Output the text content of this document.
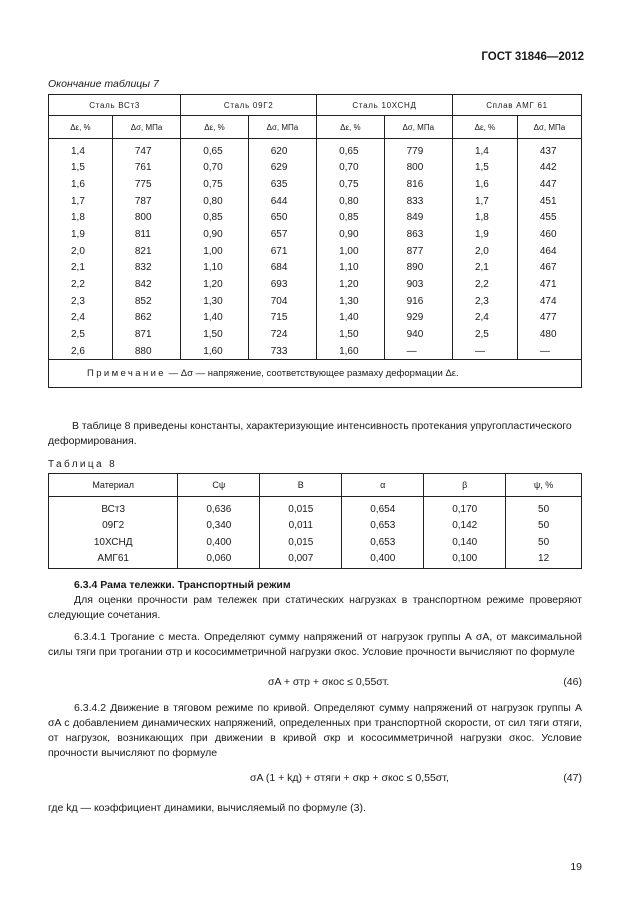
ГОСТ 31846—2012
Окончание таблицы 7
Сталь ВСт3		Сталь 09Г2		Сталь 10ХСНД		Сплав АМГ 61	
Δε, %	Δσ, МПа	Δε, %	Δσ, МПа	Δε, %	Δσ, МПа	Δε, %	Δσ, МПа
1,4	747	0,65	620	0,65	779	1,4	437
1,5	761	0,70	629	0,70	800	1,5	442
1,6	775	0,75	635	0,75	816	1,6	447
1,7	787	0,80	644	0,80	833	1,7	451
1,8	800	0,85	650	0,85	849	1,8	455
1,9	811	0,90	657	0,90	863	1,9	460
2,0	821	1,00	671	1,00	877	2,0	464
2,1	832	1,10	684	1,10	890	2,1	467
2,2	842	1,20	693	1,20	903	2,2	471
2,3	852	1,30	704	1,30	916	2,3	474
2,4	862	1,40	715	1,40	929	2,4	477
2,5	871	1,50	724	1,50	940	2,5	480
2,6	880	1,60	733	1,60	—	—	—
Примечание — Δσ — напряжение, соответствующее размаху деформации Δε.							
В таблице 8 приведены константы, характеризующие интенсивность протекания упругопластического деформирования.
Таблица 8
Материал	Cψ	B	α	β	ψ, %
ВСт3	0,636	0,015	0,654	0,170	50
09Г2	0,340	0,011	0,653	0,142	50
10ХСНД	0,400	0,015	0,653	0,140	50
АМГ61	0,060	0,007	0,400	0,100	12
6.3.4 Рама тележки. Транспортный режим
Для оценки прочности рам тележек при статических нагрузках в транспортном режиме проверяют следующие сочетания.
6.3.4.1 Трогание с места. Определяют сумму напряжений от нагрузок группы А σA, от максимальной силы тяги при трогании σтр и кососимметричной нагрузки σкос. Условие прочности вычисляют по формуле
σA + σтр + σкос ≤ 0,55σт.	(46)
6.3.4.2 Движение в тяговом режиме по кривой. Определяют сумму напряжений от нагрузок группы А σA с добавлением динамических напряжений, определенных при транспортной скорости, от сил тяги σтяги, от нагрузок, возникающих при движении в кривой σкр и кососимметричной нагрузки σкос. Условие прочности вычисляют по формуле
σA (1 + kд) + σтяги + σкр + σкос ≤ 0,55σт,	(47)
где kд — коэффициент динамики, вычисляемый по формуле (3).
19
